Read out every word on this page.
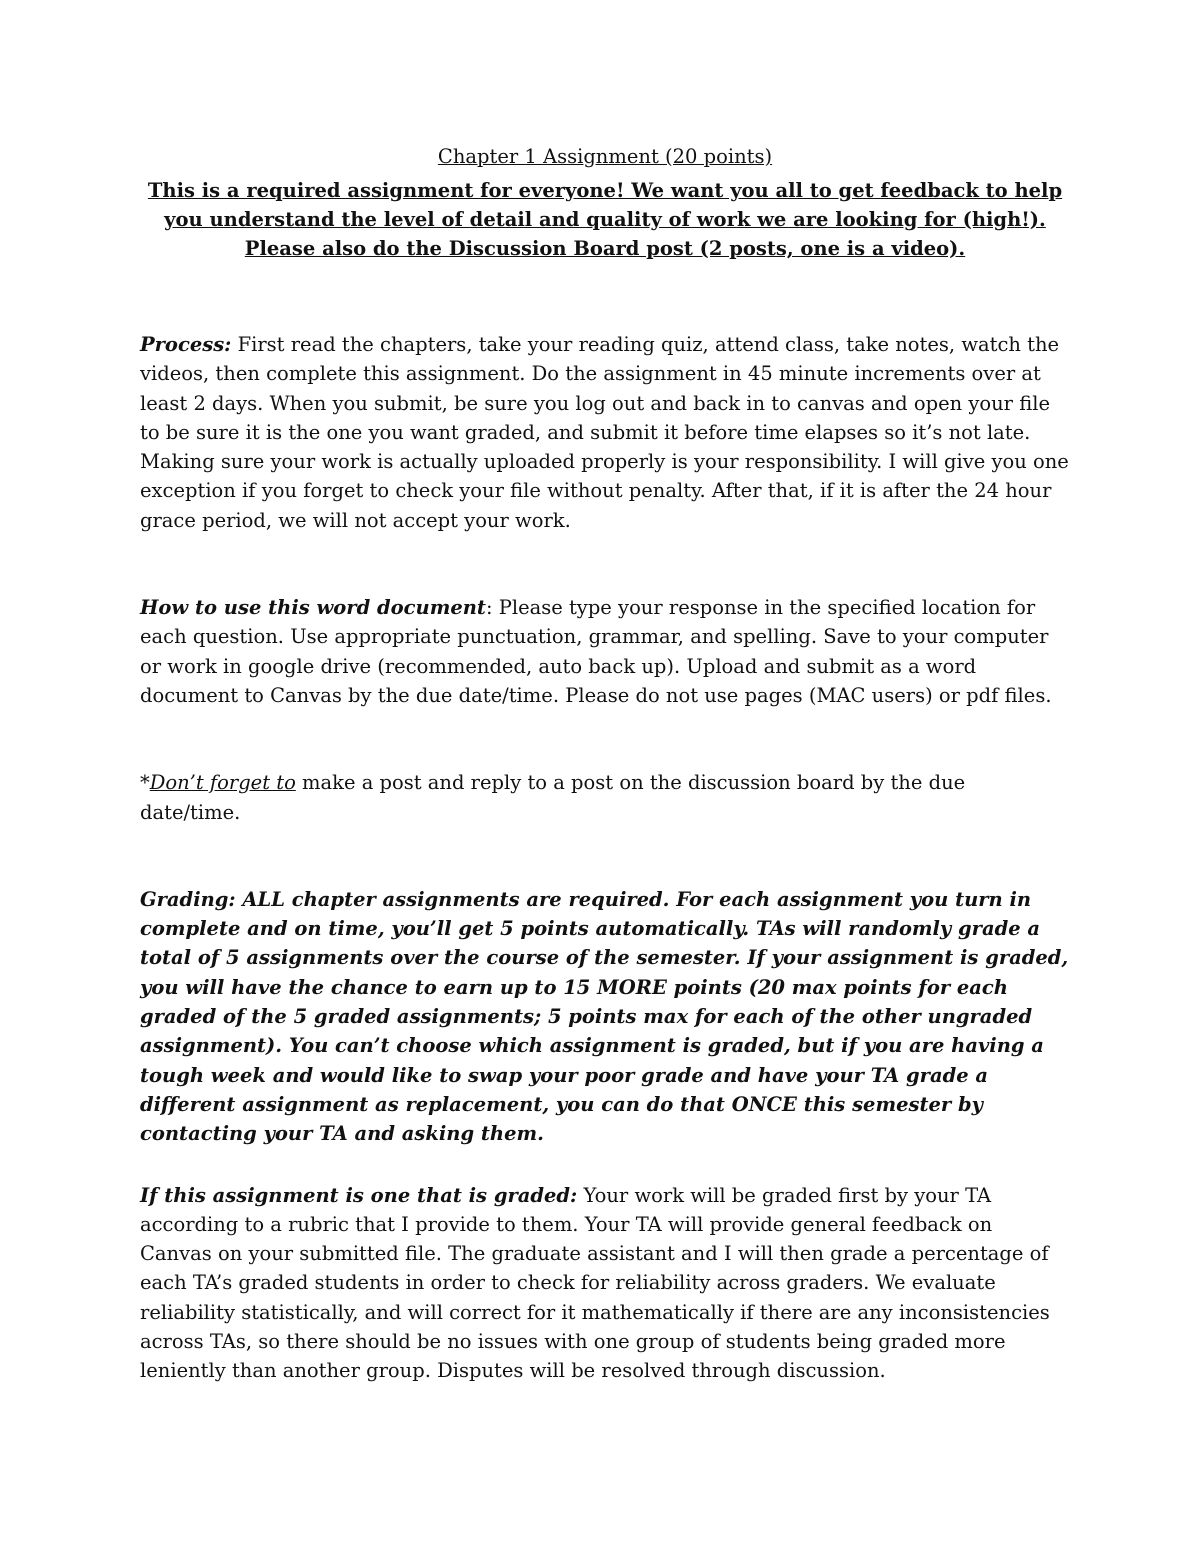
Chapter 1 Assignment (20 points)

This is a required assignment for everyone! We want you all to get feedback to help you understand the level of detail and quality of work we are looking for (high!). Please also do the Discussion Board post (2 posts, one is a video).

Process: First read the chapters, take your reading quiz, attend class, take notes, watch the videos, then complete this assignment. Do the assignment in 45 minute increments over at least 2 days. When you submit, be sure you log out and back in to canvas and open your file to be sure it is the one you want graded, and submit it before time elapses so it’s not late. Making sure your work is actually uploaded properly is your responsibility. I will give you one exception if you forget to check your file without penalty. After that, if it is after the 24 hour grace period, we will not accept your work.

How to use this word document: Please type your response in the specified location for each question. Use appropriate punctuation, grammar, and spelling. Save to your computer or work in google drive (recommended, auto back up). Upload and submit as a word document to Canvas by the due date/time. Please do not use pages (MAC users) or pdf files.

*Don’t forget to make a post and reply to a post on the discussion board by the due date/time.

Grading: ALL chapter assignments are required. For each assignment you turn in complete and on time, you’ll get 5 points automatically. TAs will randomly grade a total of 5 assignments over the course of the semester. If your assignment is graded, you will have the chance to earn up to 15 MORE points (20 max points for each graded of the 5 graded assignments; 5 points max for each of the other ungraded assignment). You can’t choose which assignment is graded, but if you are having a tough week and would like to swap your poor grade and have your TA grade a different assignment as replacement, you can do that ONCE this semester by contacting your TA and asking them.

If this assignment is one that is graded: Your work will be graded first by your TA according to a rubric that I provide to them. Your TA will provide general feedback on Canvas on your submitted file. The graduate assistant and I will then grade a percentage of each TA’s graded students in order to check for reliability across graders. We evaluate reliability statistically, and will correct for it mathematically if there are any inconsistencies across TAs, so there should be no issues with one group of students being graded more leniently than another group. Disputes will be resolved through discussion.
